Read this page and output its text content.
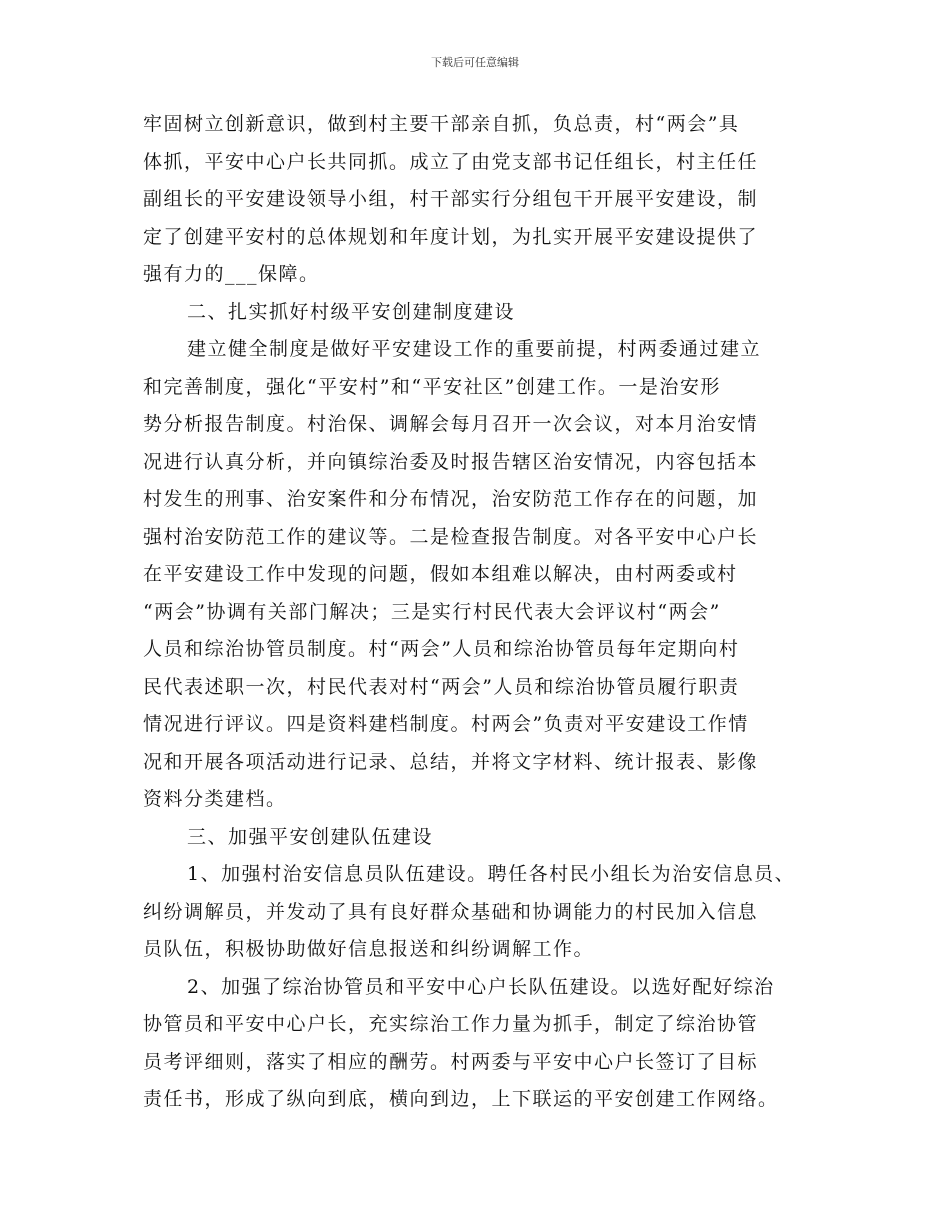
下载后可任意编辑
牢固树立创新意识，做到村主要干部亲自抓，负总责，村“两会”具
体抓，平安中心户长共同抓。成立了由党支部书记任组长，村主任任
副组长的平安建设领导小组，村干部实行分组包干开展平安建设，制
定了创建平安村的总体规划和年度计划，为扎实开展平安建设提供了
强有力的___保障。
二、扎实抓好村级平安创建制度建设
建立健全制度是做好平安建设工作的重要前提，村两委通过建立
和完善制度，强化“平安村”和“平安社区”创建工作。一是治安形
势分析报告制度。村治保、调解会每月召开一次会议，对本月治安情
况进行认真分析，并向镇综治委及时报告辖区治安情况，内容包括本
村发生的刑事、治安案件和分布情况，治安防范工作存在的问题，加
强村治安防范工作的建议等。二是检查报告制度。对各平安中心户长
在平安建设工作中发现的问题，假如本组难以解决，由村两委或村
“两会”协调有关部门解决；三是实行村民代表大会评议村“两会”
人员和综治协管员制度。村“两会”人员和综治协管员每年定期向村
民代表述职一次，村民代表对村“两会”人员和综治协管员履行职责
情况进行评议。四是资料建档制度。村两会”负责对平安建设工作情
况和开展各项活动进行记录、总结，并将文字材料、统计报表、影像
资料分类建档。
三、加强平安创建队伍建设
1、加强村治安信息员队伍建设。聘任各村民小组长为治安信息员、
纠纷调解员，并发动了具有良好群众基础和协调能力的村民加入信息
员队伍，积极协助做好信息报送和纠纷调解工作。
2、加强了综治协管员和平安中心户长队伍建设。以选好配好综治
协管员和平安中心户长，充实综治工作力量为抓手，制定了综治协管
员考评细则，落实了相应的酬劳。村两委与平安中心户长签订了目标
责任书，形成了纵向到底，横向到边，上下联运的平安创建工作网络。
